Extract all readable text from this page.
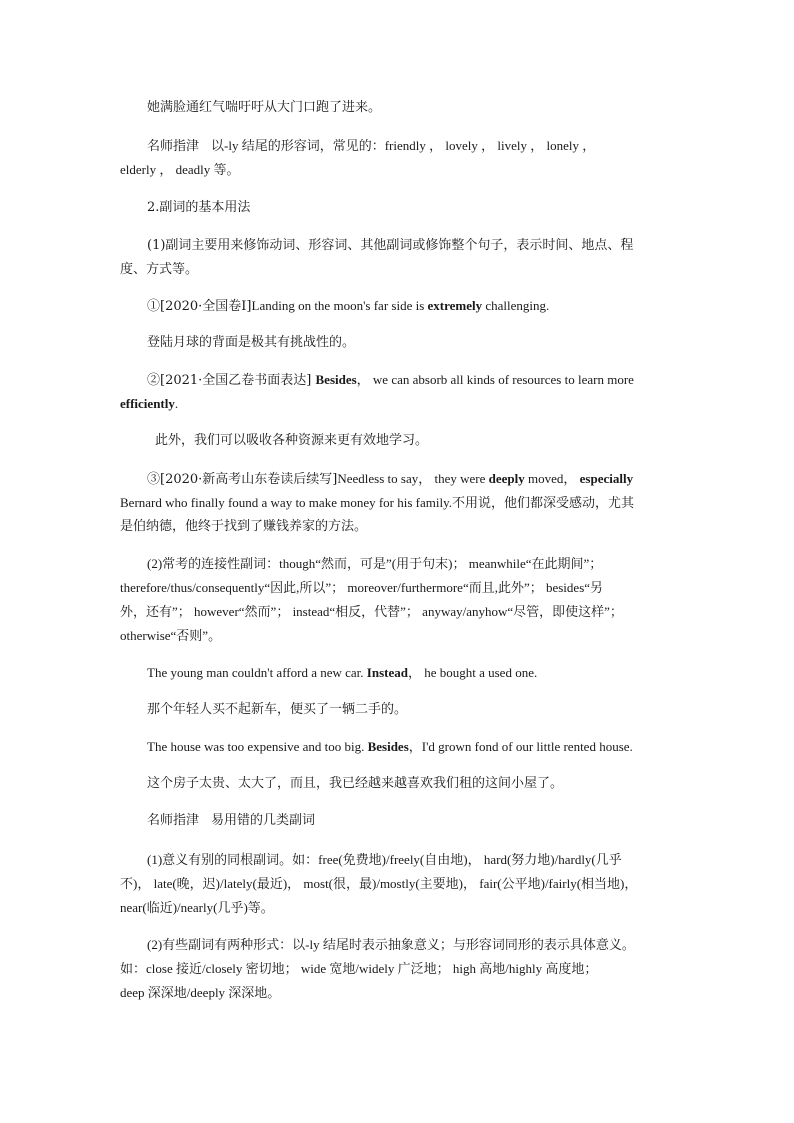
她满脸通红气喘吁吁从大门口跑了进来。
名师指津 以-ly 结尾的形容词，常见的：friendly ， lovely ， lively ， lonely ，
elderly ， deadly 等。
2.副词的基本用法
(1)副词主要用来修饰动词、形容词、其他副词或修饰整个句子，表示时间、地点、程
度、方式等。
①[2020·全国卷Ⅰ]Landing on the moon's far side is extremely challenging.
登陆月球的背面是极其有挑战性的。
②[2021·全国乙卷书面表达] Besides， we can absorb all kinds of resources to learn more
efficiently.
此外，我们可以吸收各种资源来更有效地学习。
③[2020·新高考山东卷读后续写]Needless to say， they were deeply moved， especially
Bernard who finally found a way to make money for his family.不用说，他们都深受感动，尤其
是伯纳德，他终于找到了赚钱养家的方法。
(2)常考的连接性副词：though“然而，可是”(用于句末)； meanwhile“在此期间”；
therefore/thus/consequently“因此,所以”； moreover/furthermore“而且,此外”； besides“另
外，还有”； however“然而”； instead“相反，代替”； anyway/anyhow“尽管，即使这样”；
otherwise“否则”。
The young man couldn't afford a new car. Instead， he bought a used one.
那个年轻人买不起新车，便买了一辆二手的。
The house was too expensive and too big. Besides，I'd grown fond of our little rented house.
这个房子太贵、太大了，而且，我已经越来越喜欢我们租的这间小屋了。
名师指津 易用错的几类副词
(1)意义有别的同根副词。如：free(免费地)/freely(自由地)， hard(努力地)/hardly(几乎
不)， late(晚，迟)/lately(最近)， most(很，最)/mostly(主要地)， fair(公平地)/fairly(相当地)，
near(临近)/nearly(几乎)等。
(2)有些副词有两种形式：以-ly 结尾时表示抽象意义；与形容词同形的表示具体意义。
如：close 接近/closely 密切地； wide 宽地/widely 广泛地； high 高地/highly 高度地；
deep 深深地/deeply 深深地。
